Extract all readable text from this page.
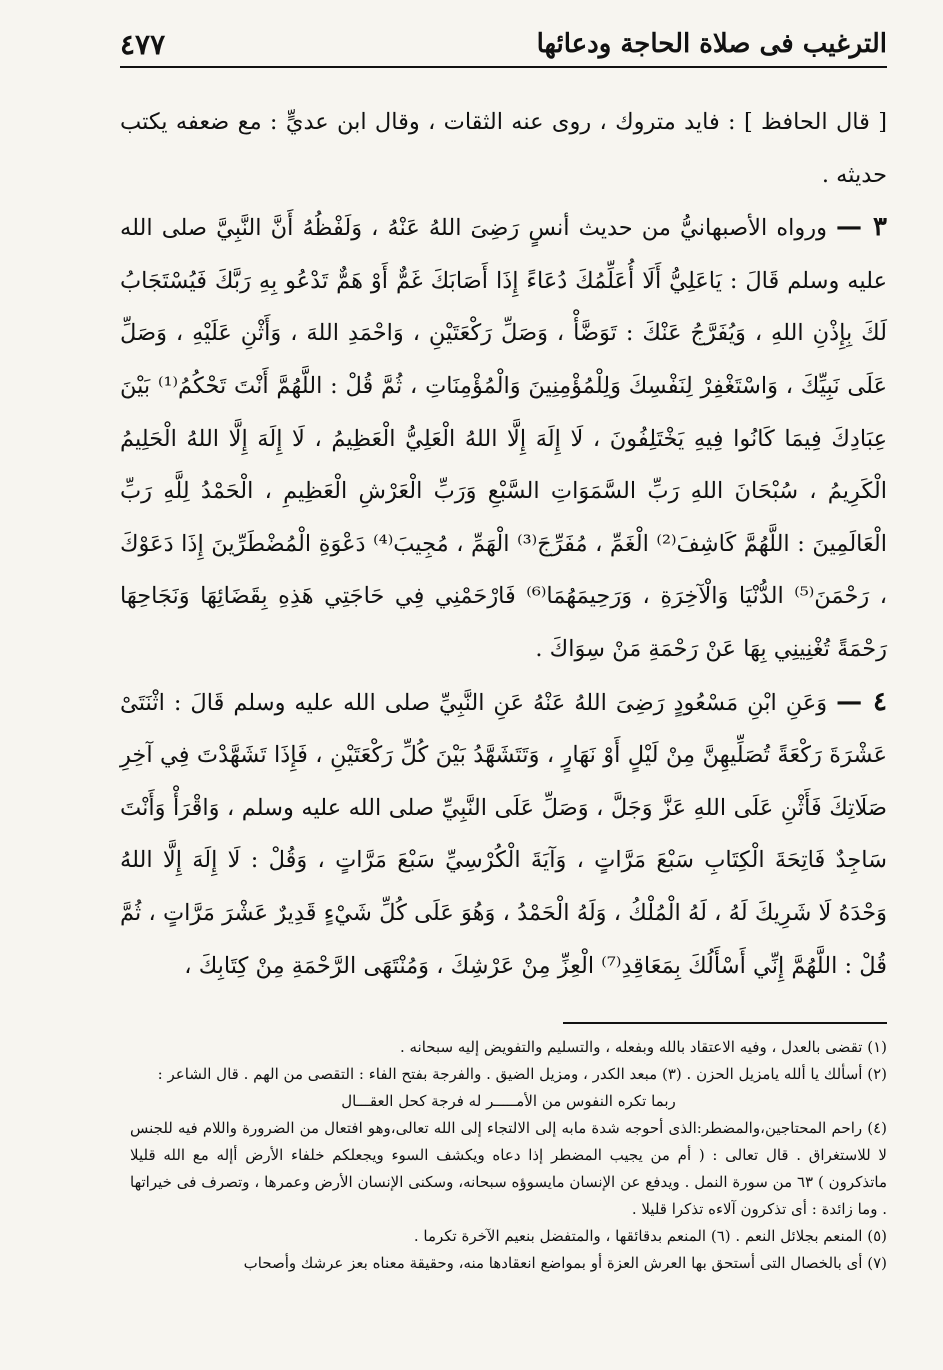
٤٧٧	الترغيب فى صلاة الحاجة ودعائها

[ قال الحافظ ] : فايد متروك ، روى عنه الثقات ، وقال ابن عديٍّ : مع ضعفه يكتب حديثه .

٣ — ورواه الأصبهانيُّ من حديث أنسٍ رَضِىَ اللهُ عَنْهُ ، وَلَفْظُهُ أَنَّ النَّبِيَّ صلى الله عليه وسلم قَالَ : يَاعَلِيُّ أَلَا أُعَلِّمُكَ دُعَاءً إِذَا أَصَابَكَ غَمٌّ أَوْ هَمٌّ تَدْعُو بِهِ رَبَّكَ فَيُسْتَجَابُ لَكَ بِإِذْنِ اللهِ ، وَيُفَرَّجُ عَنْكَ : تَوَضَّأْ ، وَصَلِّ رَكْعَتَيْنِ ، وَاحْمَدِ اللهَ ، وَأَثْنِ عَلَيْهِ ، وَصَلِّ عَلَى نَبِيِّكَ ، وَاسْتَغْفِرْ لِنَفْسِكَ وَلِلْمُؤْمِنِينَ وَالْمُؤْمِنَاتِ ، ثُمَّ قُلْ : اللَّهُمَّ أَنْتَ تَحْكُمُ⁽¹⁾ بَيْنَ عِبَادِكَ فِيمَا كَانُوا فِيهِ يَخْتَلِفُونَ ، لَا إِلَهَ إِلَّا اللهُ الْعَلِيُّ الْعَظِيمُ ، لَا إِلَهَ إِلَّا اللهُ الْحَلِيمُ الْكَرِيمُ ، سُبْحَانَ اللهِ رَبِّ السَّمَوَاتِ السَّبْعِ وَرَبِّ الْعَرْشِ الْعَظِيمِ ، الْحَمْدُ لِلَّهِ رَبِّ الْعَالَمِينَ : اللَّهُمَّ كَاشِفَ⁽²⁾ الْغَمِّ ، مُفَرِّجَ⁽³⁾ الْهَمِّ ، مُجِيبَ⁽⁴⁾ دَعْوَةِ الْمُضْطَرِّينَ إِذَا دَعَوْكَ ، رَحْمَنَ⁽⁵⁾ الدُّنْيَا وَالْآخِرَةِ ، وَرَحِيمَهُمَا⁽⁶⁾ فَارْحَمْنِي فِي حَاجَتِي هَذِهِ بِقَضَائِهَا وَنَجَاحِهَا رَحْمَةً تُغْنِينِي بِهَا عَنْ رَحْمَةِ مَنْ سِوَاكَ .

٤ — وَعَنِ ابْنِ مَسْعُودٍ رَضِىَ اللهُ عَنْهُ عَنِ النَّبِيِّ صلى الله عليه وسلم قَالَ : اثْنَتَىْ عَشْرَةَ رَكْعَةً تُصَلِّيهِنَّ مِنْ لَيْلٍ أَوْ نَهَارٍ ، وَتَتَشَهَّدُ بَيْنَ كُلِّ رَكْعَتَيْنِ ، فَإِذَا تَشَهَّدْتَ فِي آخِرِ صَلَاتِكَ فَأَثْنِ عَلَى اللهِ عَزَّ وَجَلَّ ، وَصَلِّ عَلَى النَّبِيِّ صلى الله عليه وسلم ، وَاقْرَأْ وَأَنْتَ سَاجِدٌ فَاتِحَةَ الْكِتَابِ سَبْعَ مَرَّاتٍ ، وَآيَةَ الْكُرْسِيِّ سَبْعَ مَرَّاتٍ ، وَقُلْ : لَا إِلَهَ إِلَّا اللهُ وَحْدَهُ لَا شَرِيكَ لَهُ ، لَهُ الْمُلْكُ ، وَلَهُ الْحَمْدُ ، وَهُوَ عَلَى كُلِّ شَيْءٍ قَدِيرٌ عَشْرَ مَرَّاتٍ ، ثُمَّ قُلْ : اللَّهُمَّ إِنِّي أَسْأَلُكَ بِمَعَاقِدِ⁽⁷⁾ الْعِزِّ مِنْ عَرْشِكَ ، وَمُنْتَهَى الرَّحْمَةِ مِنْ كِتَابِكَ ،

(١) تقضى بالعدل ، وفيه الاعتقاد بالله وبفعله ، والتسليم والتفويض إليه سبحانه .

(٢) أسألك يا ألله يامزيل الحزن . (٣) مبعد الكدر ، ومزيل الضيق . والفرجة بفتح الفاء : التقصى من الهم . قال الشاعر :

ربما تكره النفوس من الأمـــــر له فرجة كحل العقـــال

(٤) راحم المحتاجين،والمضطر:الذى أحوجه شدة مابه إلى الالتجاء إلى الله تعالى،وهو افتعال من الضرورة واللام فيه للجنس لا للاستغراق . قال تعالى : ( أم من يجيب المضطر إذا دعاه ويكشف السوء ويجعلكم خلفاء الأرض أإله مع الله قليلا ماتذكرون ) ٦٣ من سورة النمل . ويدفع عن الإنسان مايسوؤه سبحانه، وسكنى الإنسان الأرض وعمرها ، وتصرف فى خيراتها . وما زائدة : أى تذكرون آلاءه تذكرا قليلا .

(٥) المنعم بجلائل النعم . (٦) المنعم بدقائقها ، والمتفضل بنعيم الآخرة تكرما .

(٧) أى بالخصال التى أستحق بها العرش العزة أو بمواضع انعقادها منه، وحقيقة معناه بعز عرشك وأصحاب
